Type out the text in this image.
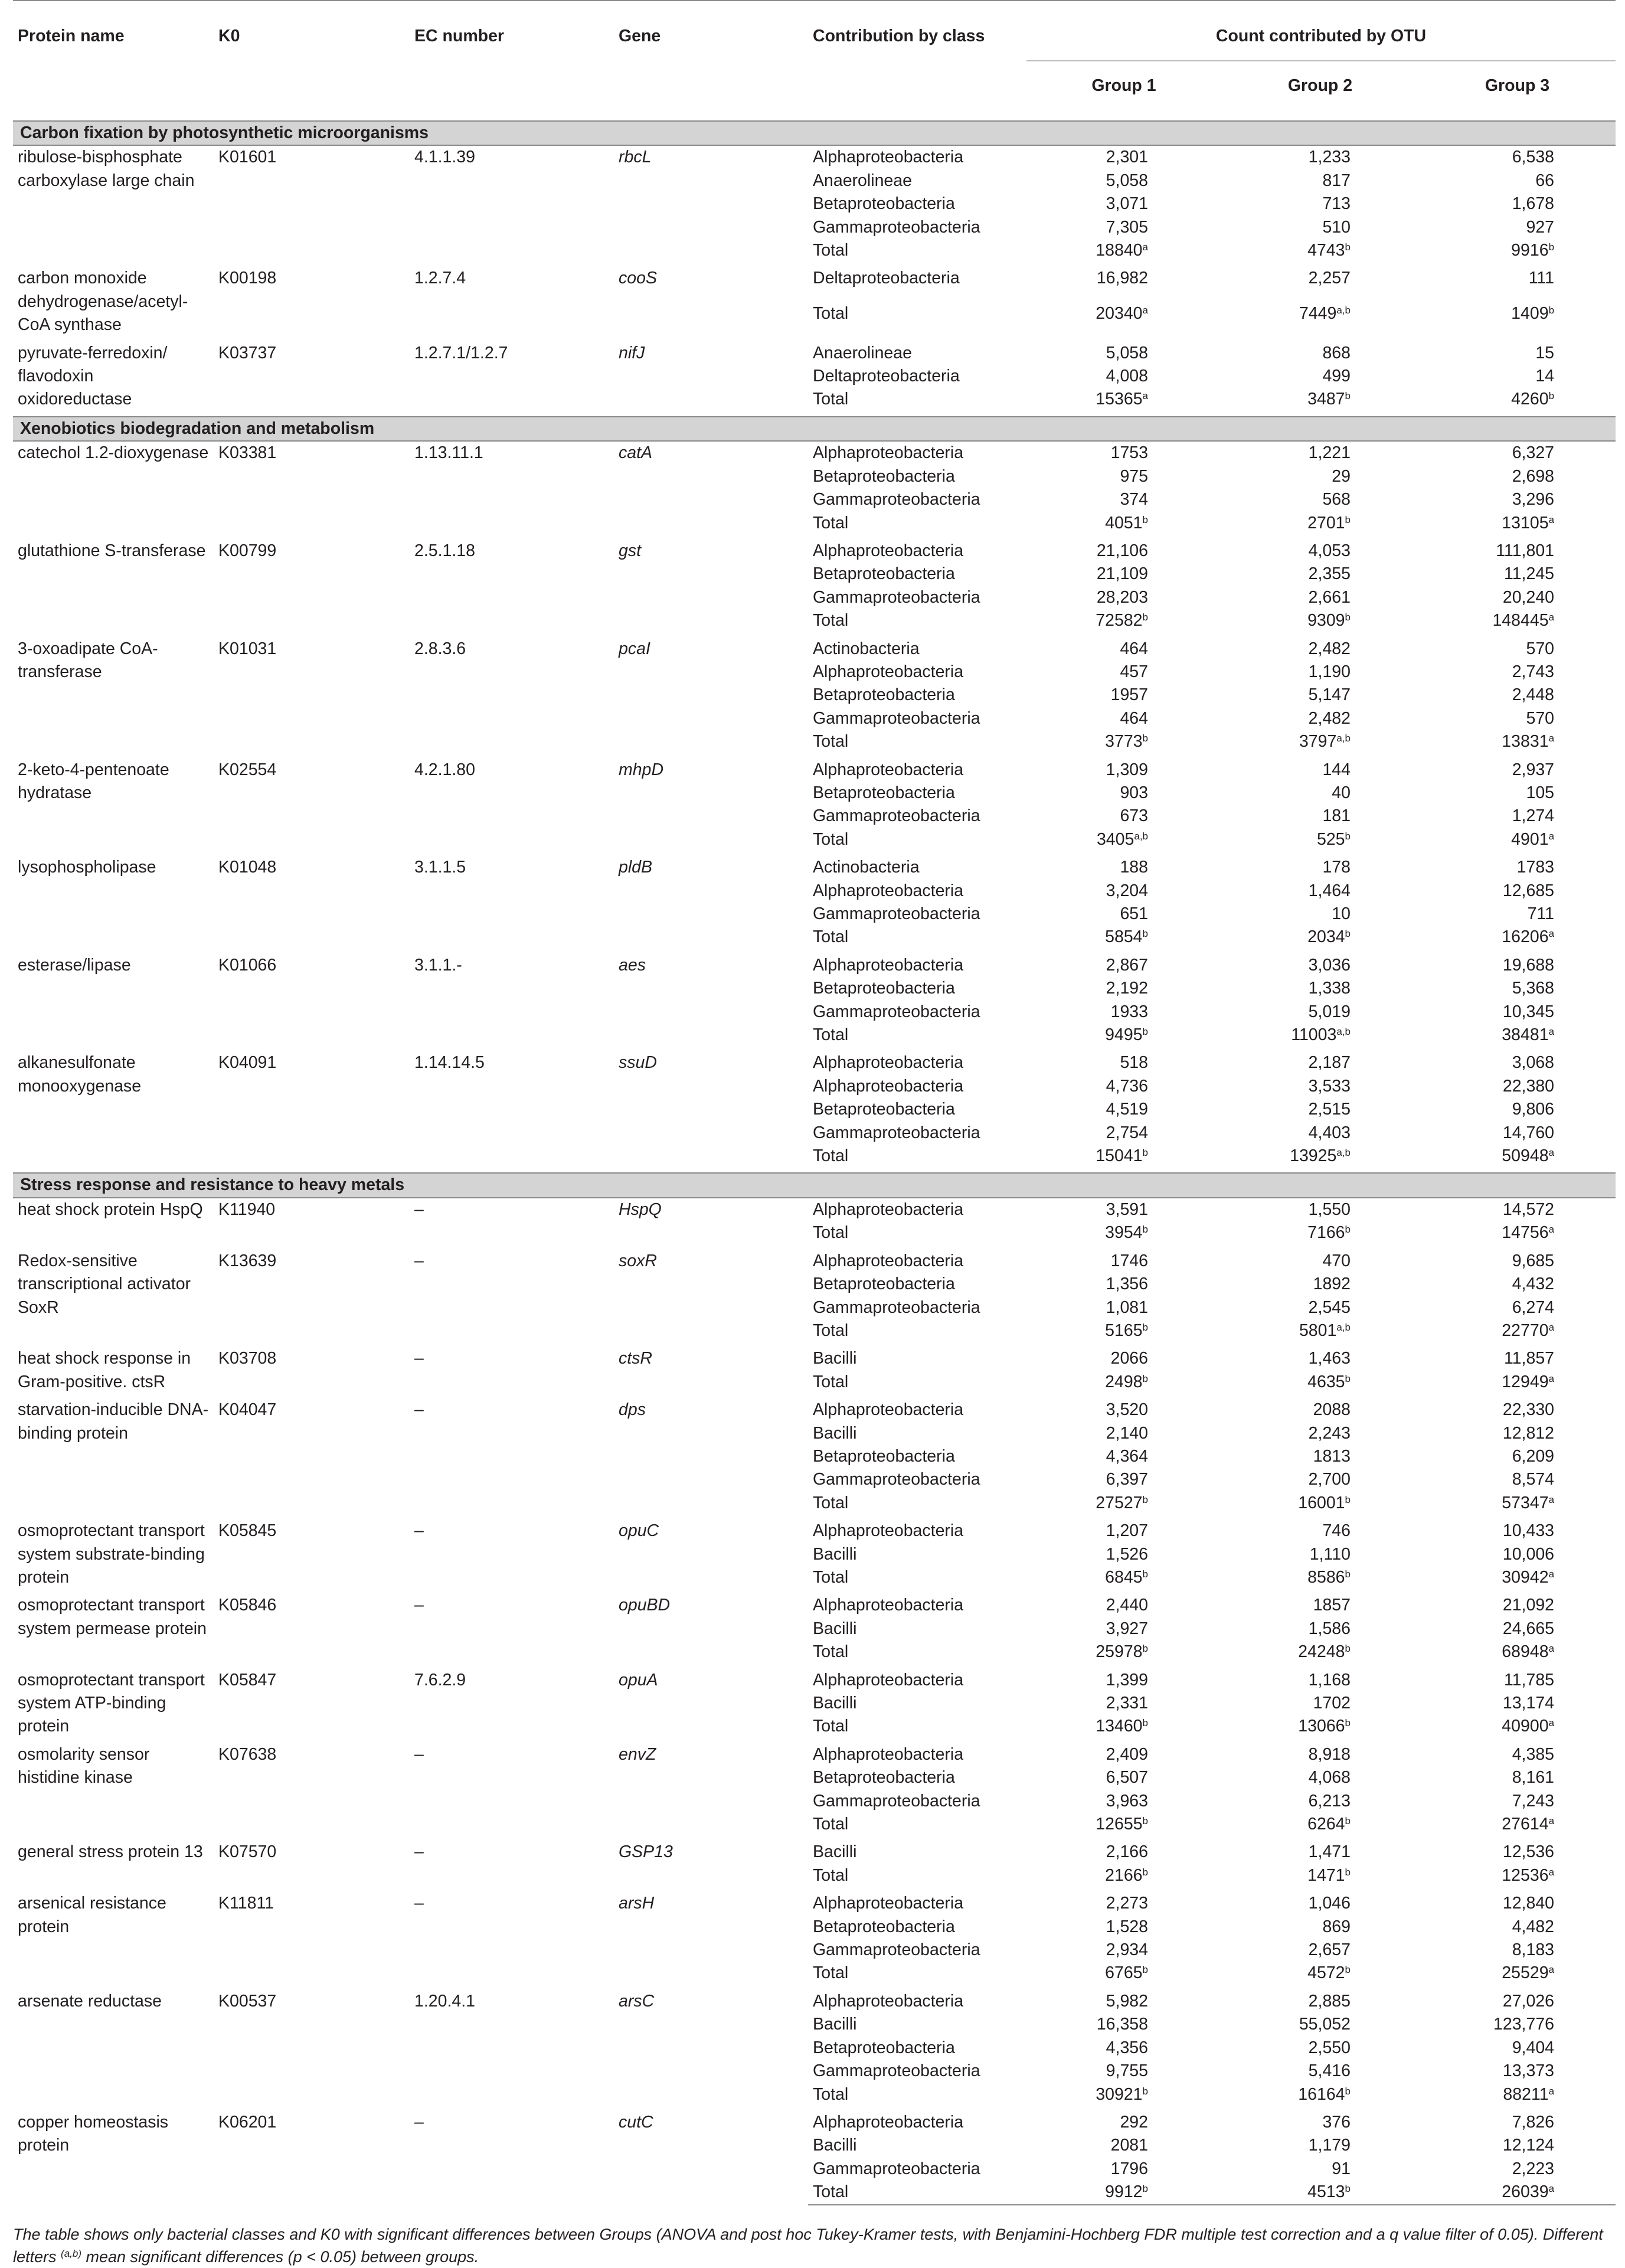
Protein name	K0	EC number	Gene	Contribution by class	Count contributed by OTU		
					Group 1	Group 2	Group 3
Carbon fixation by photosynthetic microorganisms							
ribulose-bisphosphate carboxylase large chain	K01601	4.1.1.39	rbcL	Alphaproteobacteria	2,301	1,233	6,538
				Anaerolineae	5,058	817	66
				Betaproteobacteria	3,071	713	1,678
				Gammaproteobacteria	7,305	510	927
				Total	18840$^a$	4743$^b$	9916$^b$

carbon monoxide dehydrogenase/acetyl-CoA synthase	K00198	1.2.7.4	cooS	Deltaproteobacteria	16,982	2,257	111
				Total	20340$^a$	7449$^{a,b}$	1409$^b$

pyruvate-ferredoxin/ flavodoxin oxidoreductase	K03737	1.2.7.1/1.2.7	nifJ	Anaerolineae	5,058	868	15
				Deltaproteobacteria	4,008	499	14
				Total	15365$^a$	3487$^b$	4260$^b$

Xenobiotics biodegradation and metabolism							
catechol 1.2-dioxygenase	K03381	1.13.11.1	catA	Alphaproteobacteria	1753	1,221	6,327
				Betaproteobacteria	975	29	2,698
				Gammaproteobacteria	374	568	3,296
				Total	4051$^b$	2701$^b$	13105$^a$

glutathione S-transferase	K00799	2.5.1.18	gst	Alphaproteobacteria	21,106	4,053	111,801
				Betaproteobacteria	21,109	2,355	11,245
				Gammaproteobacteria	28,203	2,661	20,240
				Total	72582$^b$	9309$^b$	148445$^a$

3-oxoadipate CoA-transferase	K01031	2.8.3.6	pcaI	Actinobacteria	464	2,482	570
				Alphaproteobacteria	457	1,190	2,743
				Betaproteobacteria	1957	5,147	2,448
				Gammaproteobacteria	464	2,482	570
				Total	3773$^b$	3797$^{a,b}$	13831$^a$

2-keto-4-pentenoate hydratase	K02554	4.2.1.80	mhpD	Alphaproteobacteria	1,309	144	2,937
				Betaproteobacteria	903	40	105
				Gammaproteobacteria	673	181	1,274
				Total	3405$^{a,b}$	525$^b$	4901$^a$

lysophospholipase	K01048	3.1.1.5	pldB	Actinobacteria	188	178	1783
				Alphaproteobacteria	3,204	1,464	12,685
				Gammaproteobacteria	651	10	711
				Total	5854$^b$	2034$^b$	16206$^a$

esterase/lipase	K01066	3.1.1.-	aes	Alphaproteobacteria	2,867	3,036	19,688
				Betaproteobacteria	2,192	1,338	5,368
				Gammaproteobacteria	1933	5,019	10,345
				Total	9495$^b$	11003$^{a,b}$	38481$^a$

alkanesulfonate monooxygenase	K04091	1.14.14.5	ssuD	Alphaproteobacteria	518	2,187	3,068
				Alphaproteobacteria	4,736	3,533	22,380
				Betaproteobacteria	4,519	2,515	9,806
				Gammaproteobacteria	2,754	4,403	14,760
				Total	15041$^b$	13925$^{a,b}$	50948$^a$

Stress response and resistance to heavy metals							
heat shock protein HspQ	K11940	–	HspQ	Alphaproteobacteria	3,591	1,550	14,572
				Total	3954$^b$	7166$^b$	14756$^a$

Redox-sensitive transcriptional activator SoxR	K13639	–	soxR	Alphaproteobacteria	1746	470	9,685
				Betaproteobacteria	1,356	1892	4,432
				Gammaproteobacteria	1,081	2,545	6,274
				Total	5165$^b$	5801$^{a,b}$	22770$^a$

heat shock response in Gram-positive. ctsR	K03708	–	ctsR	Bacilli	2066	1,463	11,857
				Total	2498$^b$	4635$^b$	12949$^a$

starvation-inducible DNA-binding protein	K04047	–	dps	Alphaproteobacteria	3,520	2088	22,330
				Bacilli	2,140	2,243	12,812
				Betaproteobacteria	4,364	1813	6,209
				Gammaproteobacteria	6,397	2,700	8,574
				Total	27527$^b$	16001$^b$	57347$^a$

osmoprotectant transport system substrate-binding protein	K05845	–	opuC	Alphaproteobacteria	1,207	746	10,433
				Bacilli	1,526	1,110	10,006
				Total	6845$^b$	8586$^b$	30942$^a$

osmoprotectant transport system permease protein	K05846	–	opuBD	Alphaproteobacteria	2,440	1857	21,092
				Bacilli	3,927	1,586	24,665
				Total	25978$^b$	24248$^b$	68948$^a$

osmoprotectant transport system ATP-binding protein	K05847	7.6.2.9	opuA	Alphaproteobacteria	1,399	1,168	11,785
				Bacilli	2,331	1702	13,174
				Total	13460$^b$	13066$^b$	40900$^a$

osmolarity sensor histidine kinase	K07638	–	envZ	Alphaproteobacteria	2,409	8,918	4,385
				Betaproteobacteria	6,507	4,068	8,161
				Gammaproteobacteria	3,963	6,213	7,243
				Total	12655$^b$	6264$^b$	27614$^a$

general stress protein 13	K07570	–	GSP13	Bacilli	2,166	1,471	12,536
				Total	2166$^b$	1471$^b$	12536$^a$

arsenical resistance protein	K11811	–	arsH	Alphaproteobacteria	2,273	1,046	12,840
				Betaproteobacteria	1,528	869	4,482
				Gammaproteobacteria	2,934	2,657	8,183
				Total	6765$^b$	4572$^b$	25529$^a$

arsenate reductase	K00537	1.20.4.1	arsC	Alphaproteobacteria	5,982	2,885	27,026
				Bacilli	16,358	55,052	123,776
				Betaproteobacteria	4,356	2,550	9,404
				Gammaproteobacteria	9,755	5,416	13,373
				Total	30921$^b$	16164$^b$	88211$^a$

copper homeostasis protein	K06201	–	cutC	Alphaproteobacteria	292	376	7,826
				Bacilli	2081	1,179	12,124
				Gammaproteobacteria	1796	91	2,223
				Total	9912$^b$	4513$^b$	26039$^a$

The table shows only bacterial classes and K0 with significant differences between Groups (ANOVA and post hoc Tukey-Kramer tests, with Benjamini-Hochberg FDR multiple test correction and a q value filter of 0.05). Different letters $^{(a,b)}$ mean significant differences (p < 0.05) between groups.
